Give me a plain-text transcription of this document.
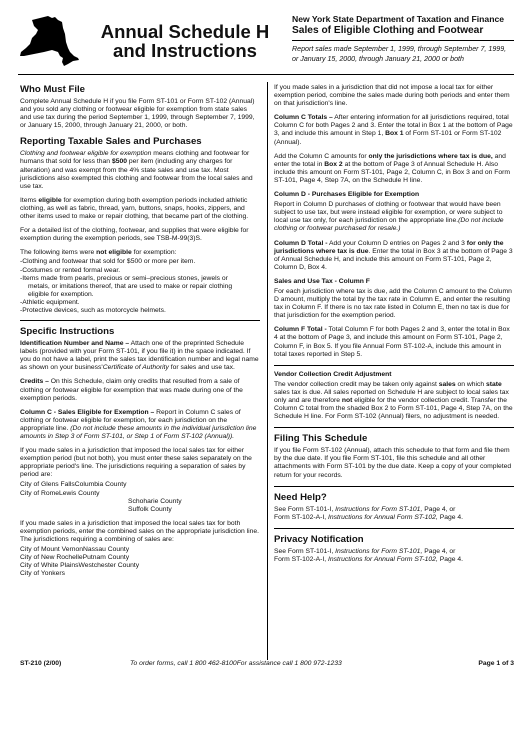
Annual Schedule H
and Instructions
New York State Department of Taxation and Finance
Sales of Eligible Clothing and Footwear
Report sales made September 1, 1999, through September 7, 1999, or January 15, 2000, through January 21, 2000 or both
Who Must File

Complete Annual Schedule H if you file Form ST-101 or Form ST-102 (Annual) and you sold any clothing or footwear eligible for exemption from state sales and use tax during the period September 1, 1999, through September 7, 1999, or January 15, 2000, through January 21, 2000, or both.

Reporting Taxable Sales and Purchases

Clothing and footwear eligible for exemption means clothing and footwear for humans that sold for less than $500 per item (including any charges for alteration) and was exempt from the 4% state sales and use tax. Most jurisdictions also exempted this clothing and footwear from the local sales and use tax.

Items eligible for exemption during both exemption periods included athletic clothing, as well as fabric, thread, yarn, buttons, snaps, hooks, zippers, and other items used to make or repair clothing, that became part of the clothing.

For a detailed list of the clothing, footwear, and supplies that were eligible for exemption during the exemption periods, see TSB-M-99(3)S.

The following items were not eligible for exemption:

-Clothing and footwear that sold for $500 or more per item.
-Costumes or rented formal wear.
-Items made from pearls, precious or semi–precious stones, jewels or
metals, or imitations thereof, that are used to make or repair clothing
eligible for exemption.
-Athletic equipment.
-Protective devices, such as motorcycle helmets.
Specific Instructions

Identification Number and Name – Attach one of the preprinted Schedule labels (provided with your Form ST-101, if you file it) in the space indicated. If you do not have a label, print the sales tax identification number and legal name as shown on your business'Certificate of Authority for sales and use tax.

Credits – On this Schedule, claim only credits that resulted from a sale of clothing or footwear eligible for exemption that was made during one of the exemption periods.

Column C - Sales Eligible for Exemption – Report in Column C sales of clothing or footwear eligible for exemption, for each jurisdiction on the appropriate line. (Do not include these amounts in the individual jurisdiction line amounts in Step 3 of Form ST-101, or Step 1 of Form ST-102 (Annual)).

If you made sales in a jurisdiction that imposed the local sales tax for either exemption period (but not both), you must enter these sales separately on the appropriate period's line. The jurisdictions requiring a separation of sales by period are:

City of Glens FallsColumbia County
City of RomeLewis County
Schoharie County
Suffolk County

If you made sales in a jurisdiction that imposed the local sales tax for both exemption periods, enter the combined sales on the appropriate jurisdiction line. The jurisdictions requiring a combining of sales are:

City of Mount VernonNassau County
City of New RochellePutnam County
City of White PlainsWestchester County
City of Yonkers

If you made sales in a jurisdiction that did not impose a local tax for either exemption period, combine the sales made during both periods and enter them on that jurisdiction's line.

Column C Totals – After entering information for all jurisdictions required, total Column C for both Pages 2 and 3. Enter the total in Box 1 at the bottom of Page 3, and include this amount in Step 1, Box 1 of Form ST-101 or Form ST-102 (Annual).

Add the Column C amounts for only the jurisdictions where tax is due, and enter the total in Box 2 at the bottom of Page 3 of Annual Schedule H. Also include this amount on Form ST-101, Page 2, Column C, in Box 3 and on Form ST-101, Page 4, Step 7A, on the Schedule H line.

Column D - Purchases Eligible for Exemption

Report in Column D purchases of clothing or footwear that would have been subject to use tax, but were instead eligible for exemption, or were subject to local use tax only, for each jurisdiction on the appropriate line.(Do not include clothing or footwear purchased for resale.)

Column D Total - Add your Column D entries on Pages 2 and 3 for only the jurisdictions where tax is due. Enter the total in Box 3 at the bottom of Page 3 of Annual Schedule H, and include this amount on Form ST-101, Page 2, Column D, Box 4.

Sales and Use Tax - Column F

For each jurisdiction where tax is due, add the Column C amount to the Column D amount, multiply the total by the tax rate in Column E, and enter the resulting tax in Column F. If there is no tax rate listed in Column E, then no tax is due for that jurisdiction for the exemption period.

Column F Total - Total Column F for both Pages 2 and 3, enter the total in Box 4 at the bottom of Page 3, and include this amount on Form ST-101, Page 2, Column F, in Box 5. If you file Annual Form ST-102-A, include this amount in total taxes reported in Step 5.

Vendor Collection Credit Adjustment

The vendor collection credit may be taken only against sales on which state sales tax is due. All sales reported on Schedule H are subject to local sales tax only and are therefore not eligible for the vendor collection credit. Transfer the Column C total from the shaded Box 2 to Form ST-101, Page 4, Step 7A, on the Schedule H line. For Form ST-102 (Annual) filers, no adjustment is needed.

Filing This Schedule

If you file Form ST-102 (Annual), attach this schedule to that form and file them by the due date. If you file Form ST-101, file this schedule and all other attachments with Form ST-101 by the due date. Keep a copy of your completed return for your records.

Need Help?

See Form ST-101-I, Instructions for Form ST-101, Page 4, or
Form ST-102-A-I, Instructions for Annual Form ST-102, Page 4.

Privacy Notification

See Form ST-101-I, Instructions for Form ST-101, Page 4, or
Form ST-102-A-I, Instructions for Annual Form ST-102, Page 4.

ST-210 (2/00)	To order forms, call 1 800 462-8100For assistance call 1 800 972-1233	Page 1 of 3
